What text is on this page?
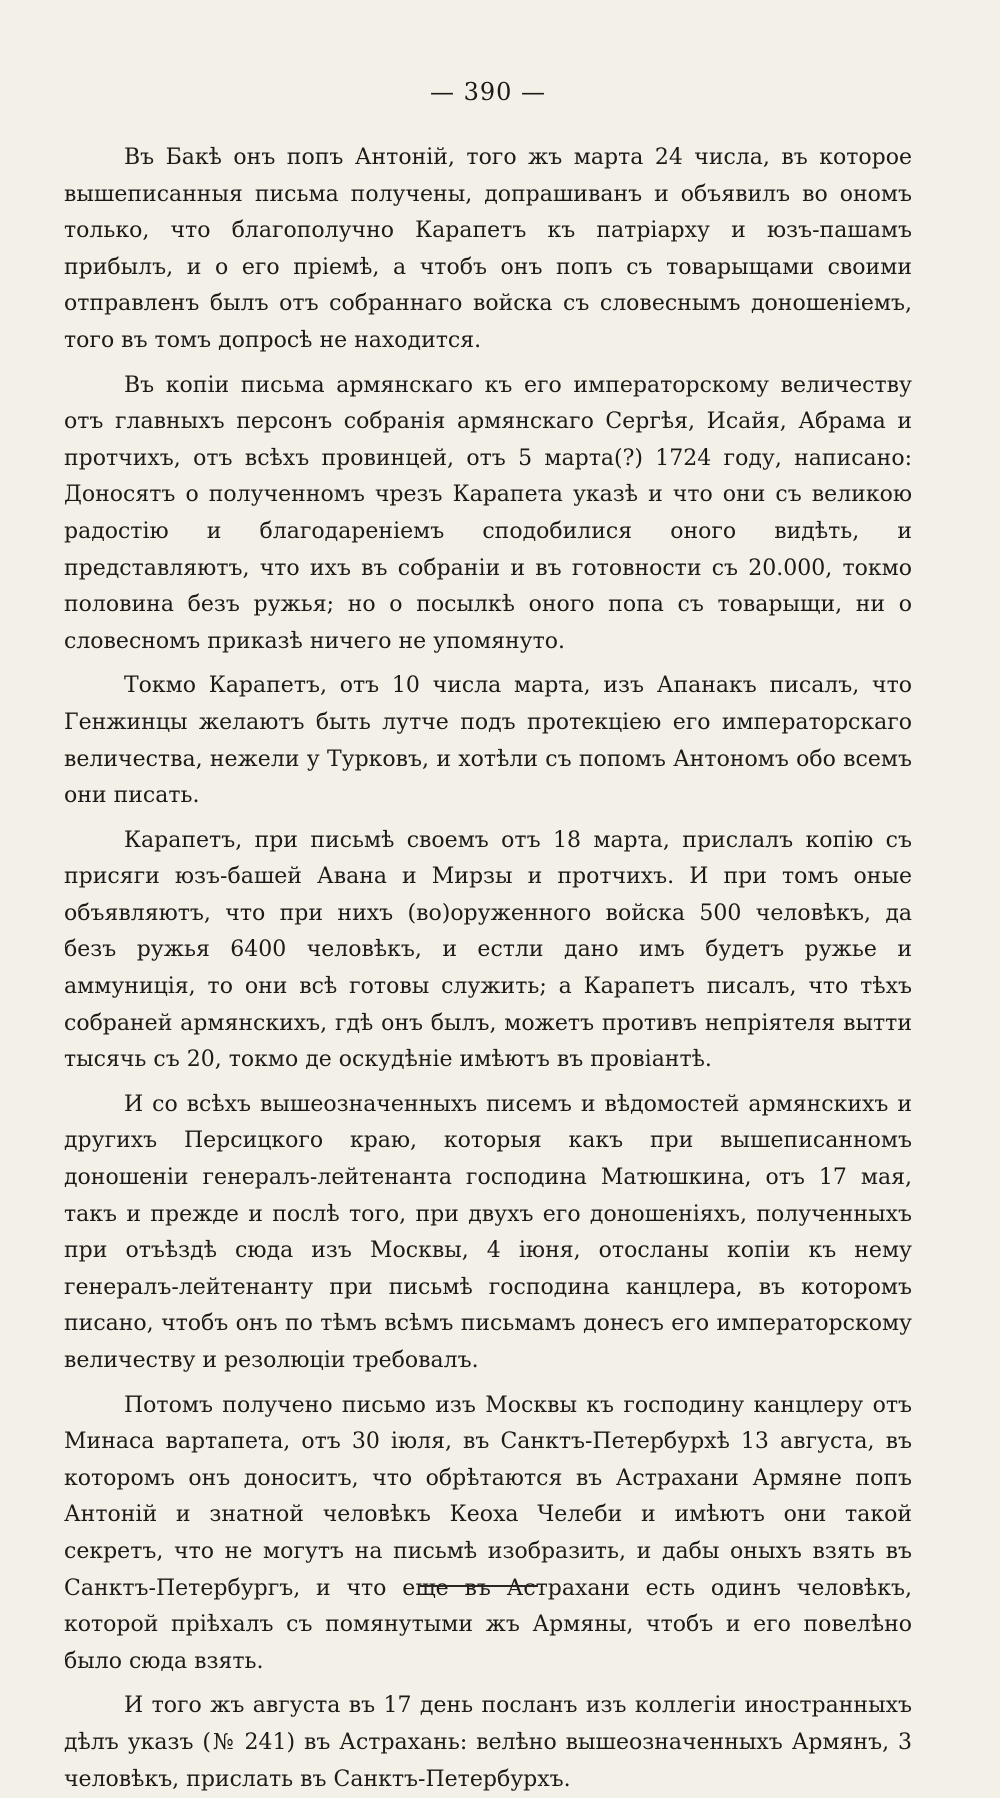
— 390 —

Въ Бакѣ онъ попъ Антоній, того жъ марта 24 числа, въ которое вышеписанныя письма получены, допрашиванъ и объявилъ во ономъ только, что благополучно Карапетъ къ патріарху и юзъ-пашамъ прибылъ, и о его пріемѣ, а чтобъ онъ попъ съ товарыщами своими отправленъ былъ отъ собраннаго войска съ словеснымъ доношеніемъ, того въ томъ допросѣ не находится.

Въ копіи письма армянскаго къ его императорскому величеству отъ главныхъ персонъ собранія армянскаго Сергѣя, Исайя, Абрама и протчихъ, отъ всѣхъ провинцей, отъ 5 марта(?) 1724 году, написано: Доносятъ о полученномъ чрезъ Карапета указѣ и что они съ великою радостію и благодареніемъ сподобилися оного видѣть, и представляютъ, что ихъ въ собраніи и въ готовности съ 20.000, токмо половина безъ ружья; но о посылкѣ оного попа съ товарыщи, ни о словесномъ приказѣ ничего не упомянуто.

Токмо Карапетъ, отъ 10 числа марта, изъ Апанакъ писалъ, что Генжинцы желаютъ быть лутче подъ протекціею его императорскаго величества, нежели у Турковъ, и хотѣли съ попомъ Антономъ обо всемъ они писать.

Карапетъ, при письмѣ своемъ отъ 18 марта, прислалъ копію съ присяги юзъ-башей Авана и Мирзы и протчихъ. И при томъ оные объявляютъ, что при нихъ (во)оруженного войска 500 человѣкъ, да безъ ружья 6400 человѣкъ, и естли дано имъ будетъ ружье и аммуниція, то они всѣ готовы служить; а Карапетъ писалъ, что тѣхъ собраней армянскихъ, гдѣ онъ былъ, можетъ противъ непріятеля вытти тысячь съ 20, токмо де оскудѣніе имѣютъ въ провіантѣ.

И со всѣхъ вышеозначенныхъ писемъ и вѣдомостей армянскихъ и другихъ Персицкого краю, которыя какъ при вышеписанномъ доношеніи генералъ-лейтенанта господина Матюшкина, отъ 17 мая, такъ и прежде и послѣ того, при двухъ его доношеніяхъ, полученныхъ при отъѣздѣ сюда изъ Москвы, 4 іюня, отосланы копіи къ нему генералъ-лейтенанту при письмѣ господина канцлера, въ которомъ писано, чтобъ онъ по тѣмъ всѣмъ письмамъ донесъ его императорскому величеству и резолюціи требовалъ.

Потомъ получено письмо изъ Москвы къ господину канцлеру отъ Минаса вартапета, отъ 30 іюля, въ Санктъ-Петербурхѣ 13 августа, въ которомъ онъ доноситъ, что обрѣтаются въ Астрахани Армяне попъ Антоній и знатной человѣкъ Кеоха Челеби и имѣютъ они такой секретъ, что не могутъ на письмѣ изобразить, и дабы оныхъ взять въ Санктъ-Петербургъ, и что еще въ Астрахани есть одинъ человѣкъ, которой пріѣхалъ съ помянутыми жъ Армяны, чтобъ и его повелѣно было сюда взять.

И того жъ августа въ 17 день посланъ изъ коллегіи иностранныхъ дѣлъ указъ (№ 241) въ Астрахань: велѣно вышеозначенныхъ Армянъ, 3 человѣкъ, прислать въ Санктъ-Петербурхъ.
